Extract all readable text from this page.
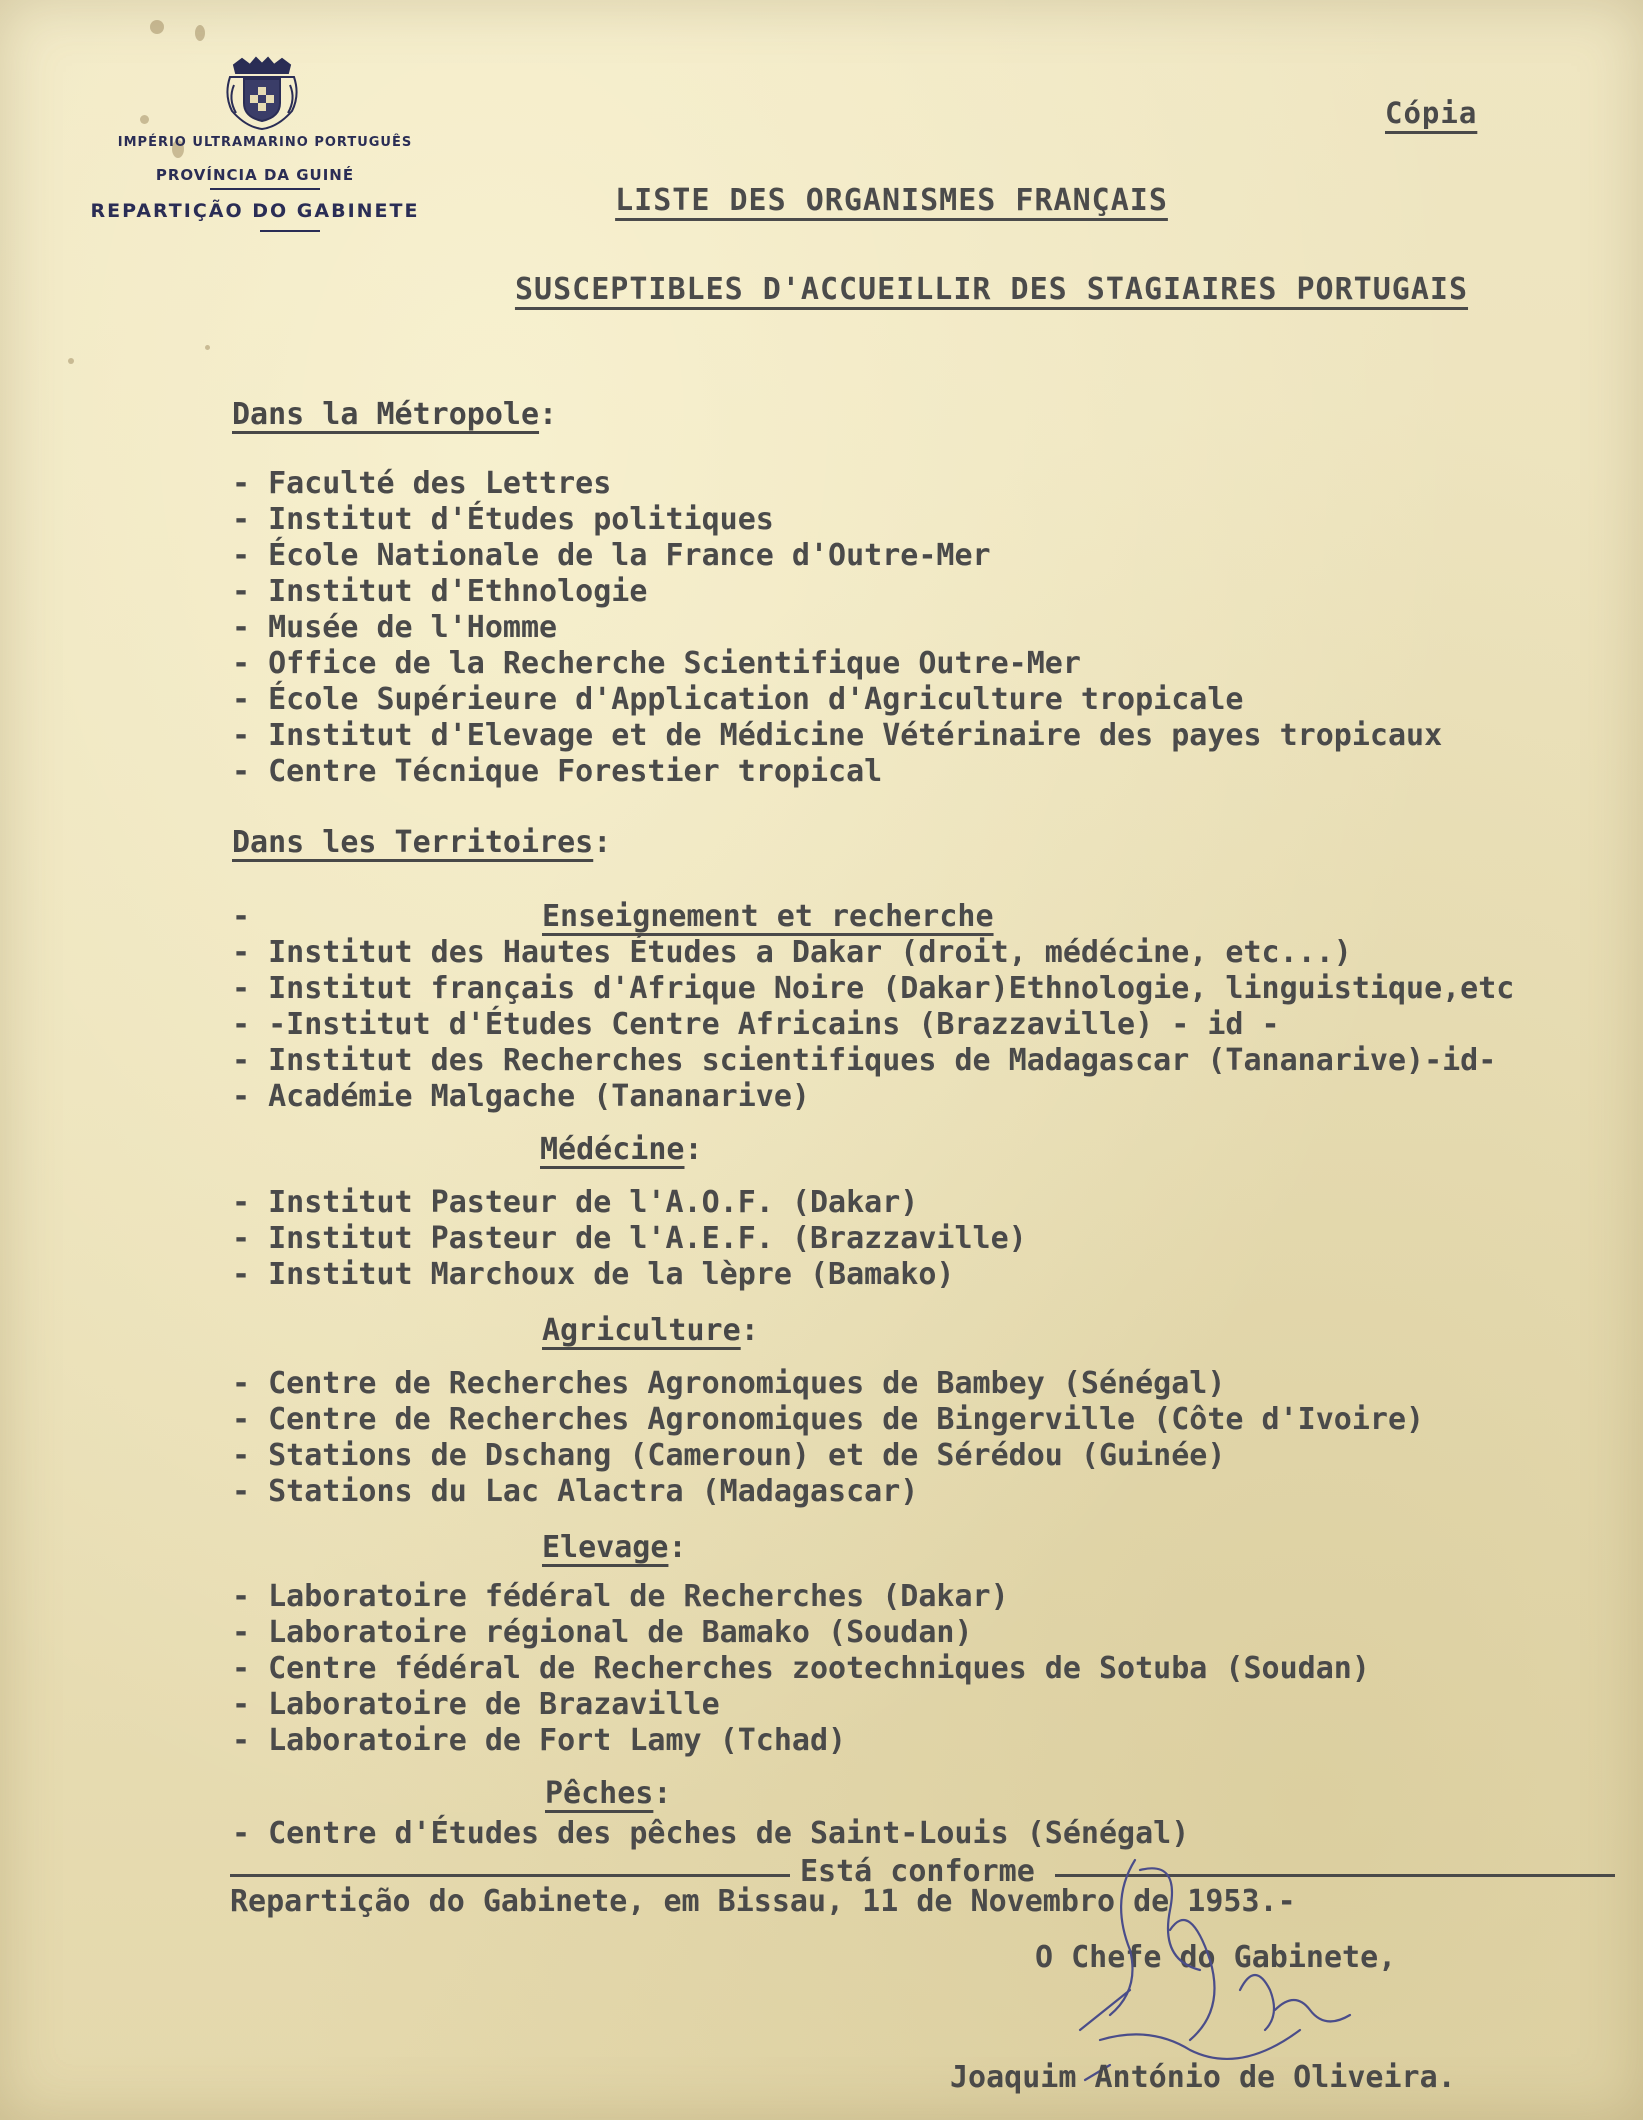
IMPÉRIO ULTRAMARINO PORTUGUÊS
PROVÍNCIA DA GUINÉ
REPARTIÇÃO DO GABINETE
Cópia
LISTE DES ORGANISMES FRANÇAIS
SUSCEPTIBLES D'ACCUEILLIR DES STAGIAIRES PORTUGAIS
Dans la Métropole:
- Faculté des Lettres
- Institut d'Études politiques
- École Nationale de la France d'Outre-Mer
- Institut d'Ethnologie
- Musée de l'Homme
- Office de la Recherche Scientifique Outre-Mer
- École Supérieure d'Application d'Agriculture tropicale
- Institut d'Elevage et de Médicine Vétérinaire des payes tropicaux
- Centre Técnique Forestier tropical
Dans les Territoires:
-	Enseignement et recherche
- Institut des Hautes Études a Dakar (droit, médécine, etc...)
- Institut français d'Afrique Noire (Dakar)Ethnologie, linguistique,etc
- -Institut d'Études Centre Africains (Brazzaville) - id -
- Institut des Recherches scientifiques de Madagascar (Tananarive)-id-
- Académie Malgache (Tananarive)
Médécine:
- Institut Pasteur de l'A.O.F. (Dakar)
- Institut Pasteur de l'A.E.F. (Brazzaville)
- Institut Marchoux de la lèpre (Bamako)
Agriculture:
- Centre de Recherches Agronomiques de Bambey (Sénégal)
- Centre de Recherches Agronomiques de Bingerville (Côte d'Ivoire)
- Stations de Dschang (Cameroun) et de Sérédou (Guinée)
- Stations du Lac Alactra (Madagascar)
Elevage:
- Laboratoire fédéral de Recherches (Dakar)
- Laboratoire régional de Bamako (Soudan)
- Centre fédéral de Recherches zootechniques de Sotuba (Soudan)
- Laboratoire de Brazaville
- Laboratoire de Fort Lamy (Tchad)
Pêches:
- Centre d'Études des pêches de Saint-Louis (Sénégal)
Está conforme
Repartição do Gabinete, em Bissau, 11 de Novembro de 1953.-
O Chefe do Gabinete,
Joaquim António de Oliveira.
